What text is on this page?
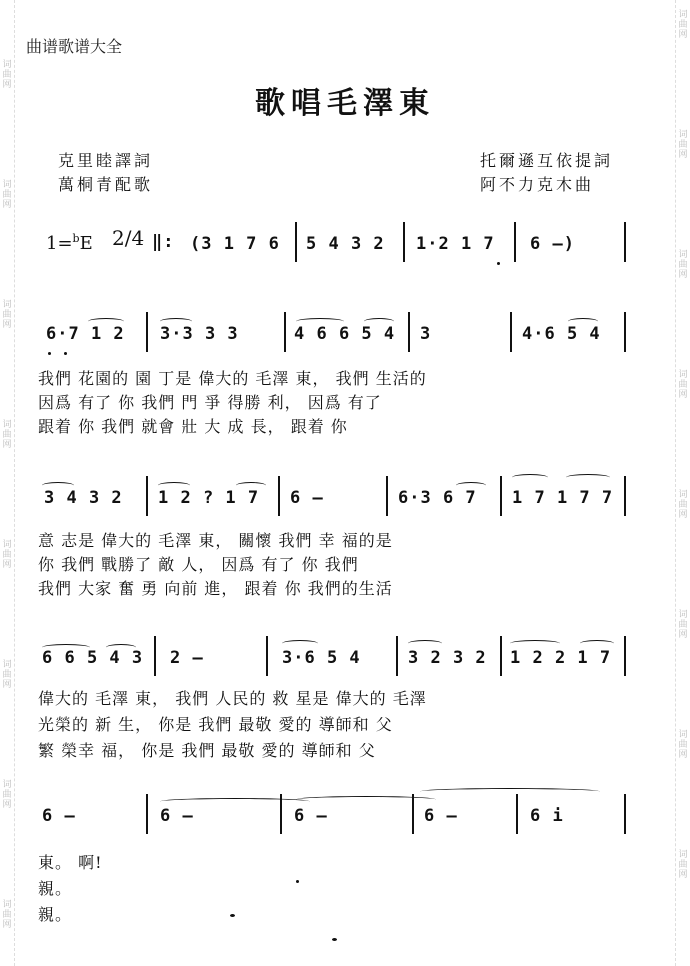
词曲网
词曲网
词曲网
词曲网
词曲网
词曲网
词曲网
词曲网
词曲网
词曲网
词曲网
词曲网
词曲网
词曲网
词曲网
词曲网
曲谱歌谱大全
歌唱毛澤東
克里睦譯詞
萬桐青配歌
托爾遜互依提詞
阿不力克木曲
1=$^b$E 2/4 ‖: (3 1 7 6 5 4 3 2 1·2 1 7 6 —)
6·7 1 2 3·3 3 3	4 6 6 5 4 3	4·6 5 4
我們 花園的 園 丁是 偉大的 毛澤 東， 我們 生活的
因爲 有了 你 我們 門 爭 得勝 利， 因爲 有了
跟着 你 我們 就會 壯 大 成 長， 跟着 你
3 4 3 2 1 2 ? 1 7 6 —	6·3 6 7 1 7 1 7 7
意 志是 偉大的 毛澤 東， 關懷 我們 幸 福的是
你 我們 戰勝了 敵 人， 因爲 有了 你 我們
我們 大家 奮 勇 向前 進， 跟着 你 我們的生活
6 6 5 4 3 2 —	3·6 5 4	3 2 3 2 1 2 2 1 7
偉大的 毛澤 東， 我們 人民的 救 星是 偉大的 毛澤
光榮的 新 生， 你是 我們 最敬 愛的 導師和 父
繁 榮幸 福， 你是 我們 最敬 愛的 導師和 父
6 —	6 —	6 —	6 —	6 i
東。 啊!
親。
親。
